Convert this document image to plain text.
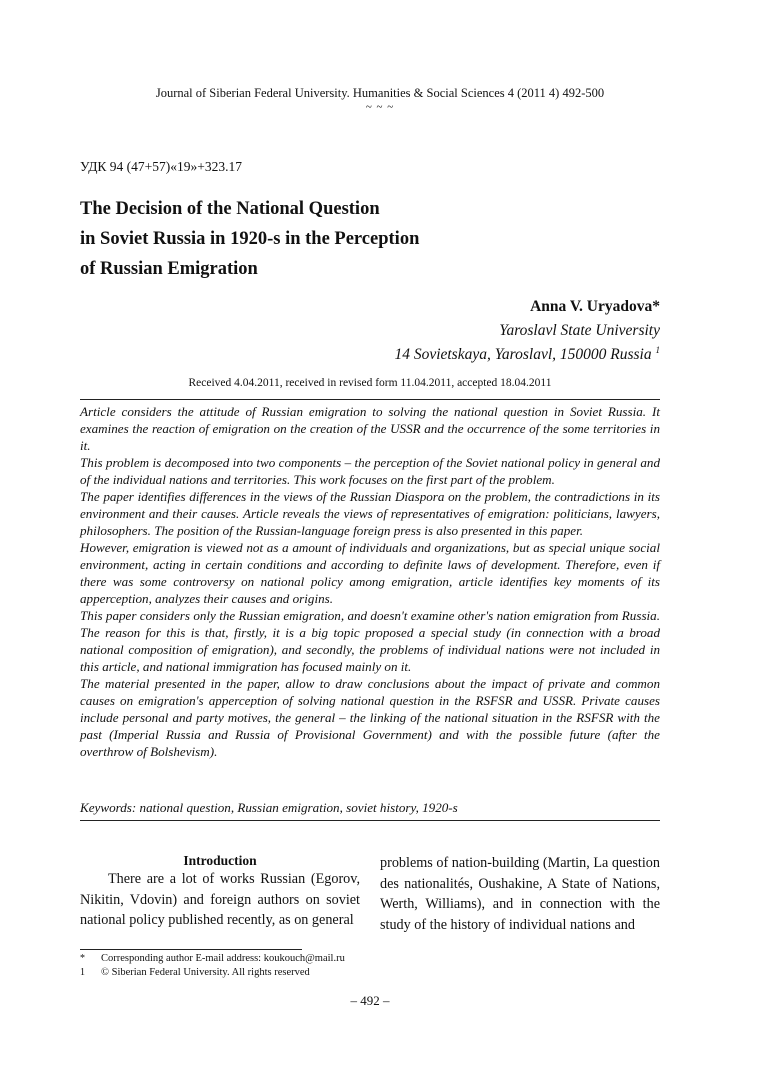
Journal of Siberian Federal University. Humanities & Social Sciences 4 (2011 4) 492-500
~ ~ ~
УДК 94 (47+57)«19»+323.17
The Decision of the National Question
in Soviet Russia in 1920-s in the Perception
of Russian Emigration
Anna V. Uryadova*
Yaroslavl State University
14 Sovietskaya, Yaroslavl, 150000 Russia $^1$
Received 4.04.2011, received in revised form 11.04.2011, accepted 18.04.2011

Article considers the attitude of Russian emigration to solving the national question in Soviet Russia. It examines the reaction of emigration on the creation of the USSR and the occurrence of the some territories in it.

This problem is decomposed into two components – the perception of the Soviet national policy in general and of the individual nations and territories. This work focuses on the first part of the problem.

The paper identifies differences in the views of the Russian Diaspora on the problem, the contradictions in its environment and their causes. Article reveals the views of representatives of emigration: politicians, lawyers, philosophers. The position of the Russian-language foreign press is also presented in this paper.

However, emigration is viewed not as a amount of individuals and organizations, but as special unique social environment, acting in certain conditions and according to definite laws of development. Therefore, even if there was some controversy on national policy among emigration, article identifies key moments of its apperception, analyzes their causes and origins.

This paper considers only the Russian emigration, and doesn't examine other's nation emigration from Russia. The reason for this is that, firstly, it is a big topic proposed a special study (in connection with a broad national composition of emigration), and secondly, the problems of individual nations were not included in this article, and national immigration has focused mainly on it.

The material presented in the paper, allow to draw conclusions about the impact of private and common causes on emigration's apperception of solving national question in the RSFSR and USSR. Private causes include personal and party motives, the general – the linking of the national situation in the RSFSR with the past (Imperial Russia and Russia of Provisional Government) and with the possible future (after the overthrow of Bolshevism).

Keywords: national question, Russian emigration, soviet history, 1920-s

Introduction

There are a lot of works Russian (Egorov, Nikitin, Vdovin) and foreign authors on soviet national policy published recently, as on general

problems of nation-building (Martin, La question des nationalités, Oushakine, A State of Nations, Werth, Williams), and in connection with the study of the history of individual nations and

*	Corresponding author E-mail address: koukouch@mail.ru
1	© Siberian Federal University. All rights reserved
– 492 –
